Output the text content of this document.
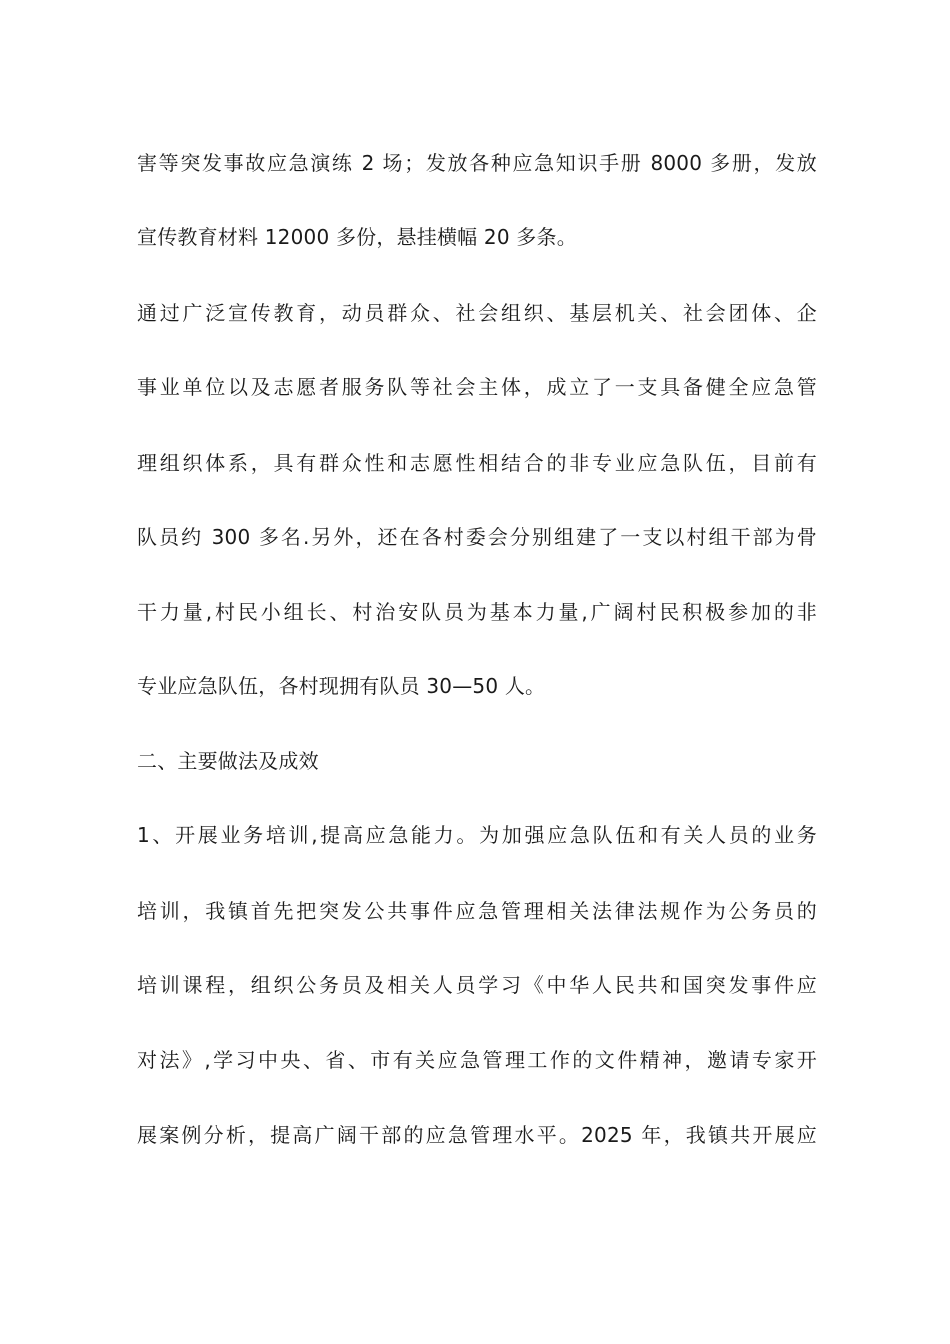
害等突发事故应急演练 2 场；发放各种应急知识手册 8000 多册，发放
宣传教育材料 12000 多份，悬挂横幅 20 多条。
通过广泛宣传教育，动员群众、社会组织、基层机关、社会团体、企
事业单位以及志愿者服务队等社会主体，成立了一支具备健全应急管
理组织体系，具有群众性和志愿性相结合的非专业应急队伍，目前有
队员约 300 多名.另外，还在各村委会分别组建了一支以村组干部为骨
干力量,村民小组长、村治安队员为基本力量,广阔村民积极参加的非
专业应急队伍，各村现拥有队员 30—50 人。
二、主要做法及成效
1、开展业务培训,提高应急能力。为加强应急队伍和有关人员的业务
培训，我镇首先把突发公共事件应急管理相关法律法规作为公务员的
培训课程，组织公务员及相关人员学习《中华人民共和国突发事件应
对法》,学习中央、省、市有关应急管理工作的文件精神，邀请专家开
展案例分析，提高广阔干部的应急管理水平。2025 年，我镇共开展应
